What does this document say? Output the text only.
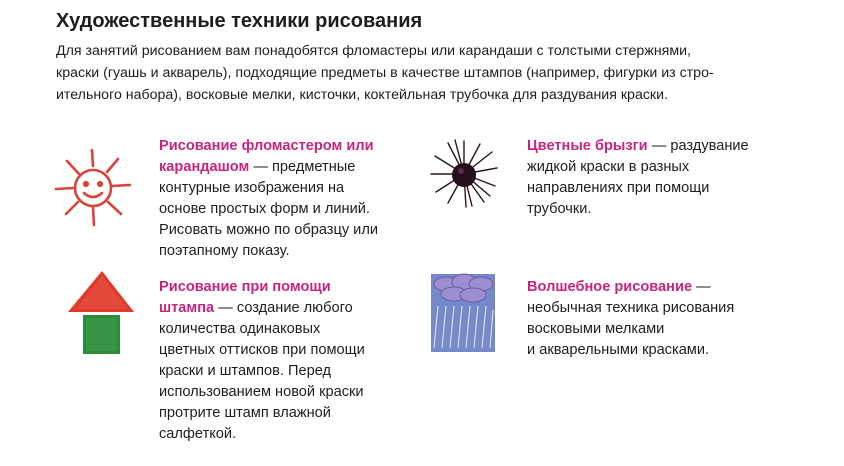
Художественные техники рисования
Для занятий рисованием вам понадобятся фломастеры или карандаши с толстыми стержнями,
краски (гуашь и акварель), подходящие предметы в качестве штампов (например, фигурки из стро-
ительного набора), восковые мелки, кисточки, коктейльная трубочка для раздувания краски.
Рисование фломастером или
карандашом — предметные
контурные изображения на
основе простых форм и линий.
Рисовать можно по образцу или
поэтапному показу.
Цветные брызги — раздувание
жидкой краски в разных
направлениях при помощи
трубочки.
Рисование при помощи
штампа — создание любого
количества одинаковых
цветных оттисков при помощи
краски и штампов. Перед
использованием новой краски
протрите штамп влажной
салфеткой.
Волшебное рисование —
необычная техника рисования
восковыми мелками
и акварельными красками.
